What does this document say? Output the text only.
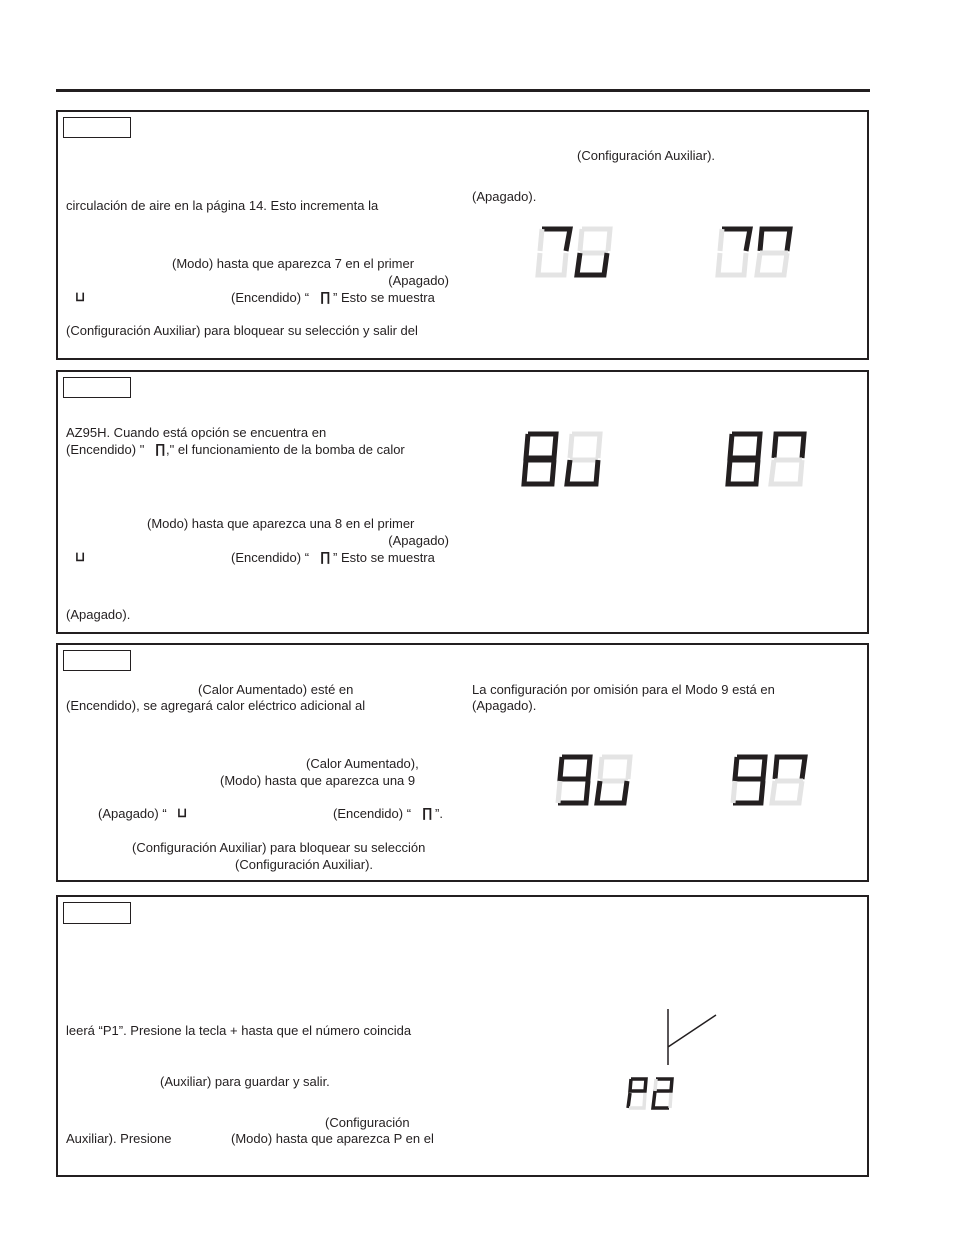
(Configuración Auxiliar).
circulación de aire en la página 14. Esto incrementa la
(Apagado).
(Modo) hasta que aparezca 7 en el primer
(Apagado)
⊔	(Encendido) “ ∏ ” Esto se muestra
(Configuración Auxiliar) para bloquear su selección y salir del
AZ95H. Cuando está opción se encuentra en
(Encendido) " ∏ ," el funcionamiento de la bomba de calor
(Modo) hasta que aparezca una 8 en el primer
(Apagado)
⊔	(Encendido) “ ∏ ” Esto se muestra
(Apagado).
(Calor Aumentado) esté en
(Encendido), se agregará calor eléctrico adicional al
La configuración por omisión para el Modo 9 está en
(Apagado).
(Calor Aumentado),
(Modo) hasta que aparezca una 9
(Apagado) “ ⊔	(Encendido) “ ∏ ”.
(Configuración Auxiliar) para bloquear su selección
(Configuración Auxiliar).
leerá “P1”. Presione la tecla + hasta que el número coincida
(Auxiliar) para guardar y salir.
(Configuración
Auxiliar). Presione	(Modo) hasta que aparezca P en el
